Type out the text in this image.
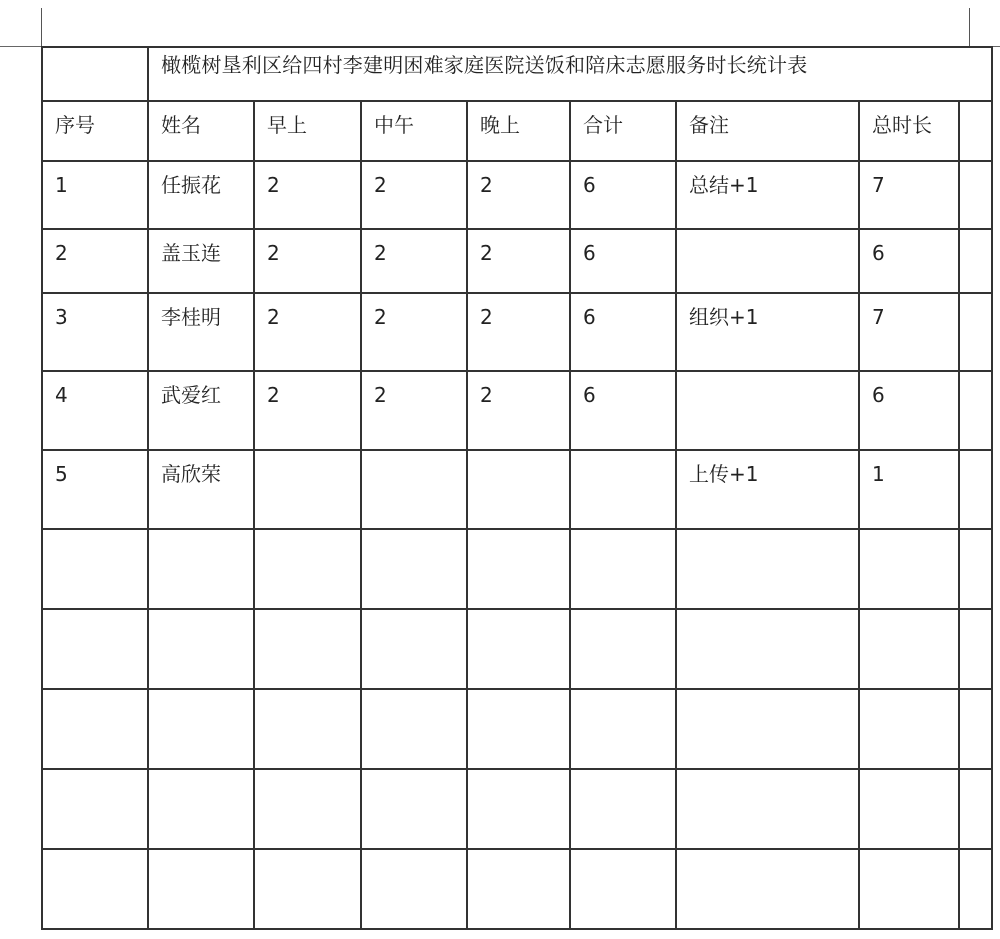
	橄榄树垦利区给四村李建明困难家庭医院送饭和陪床志愿服务时长统计表							
序号	姓名	早上	中午	晚上	合计	备注	总时长	
1	任振花	2	2	2	6	总结+1	7	
2	盖玉连	2	2	2	6		6	
3	李桂明	2	2	2	6	组织+1	7	
4	武爱红	2	2	2	6		6	
5	高欣荣					上传+1	1	
